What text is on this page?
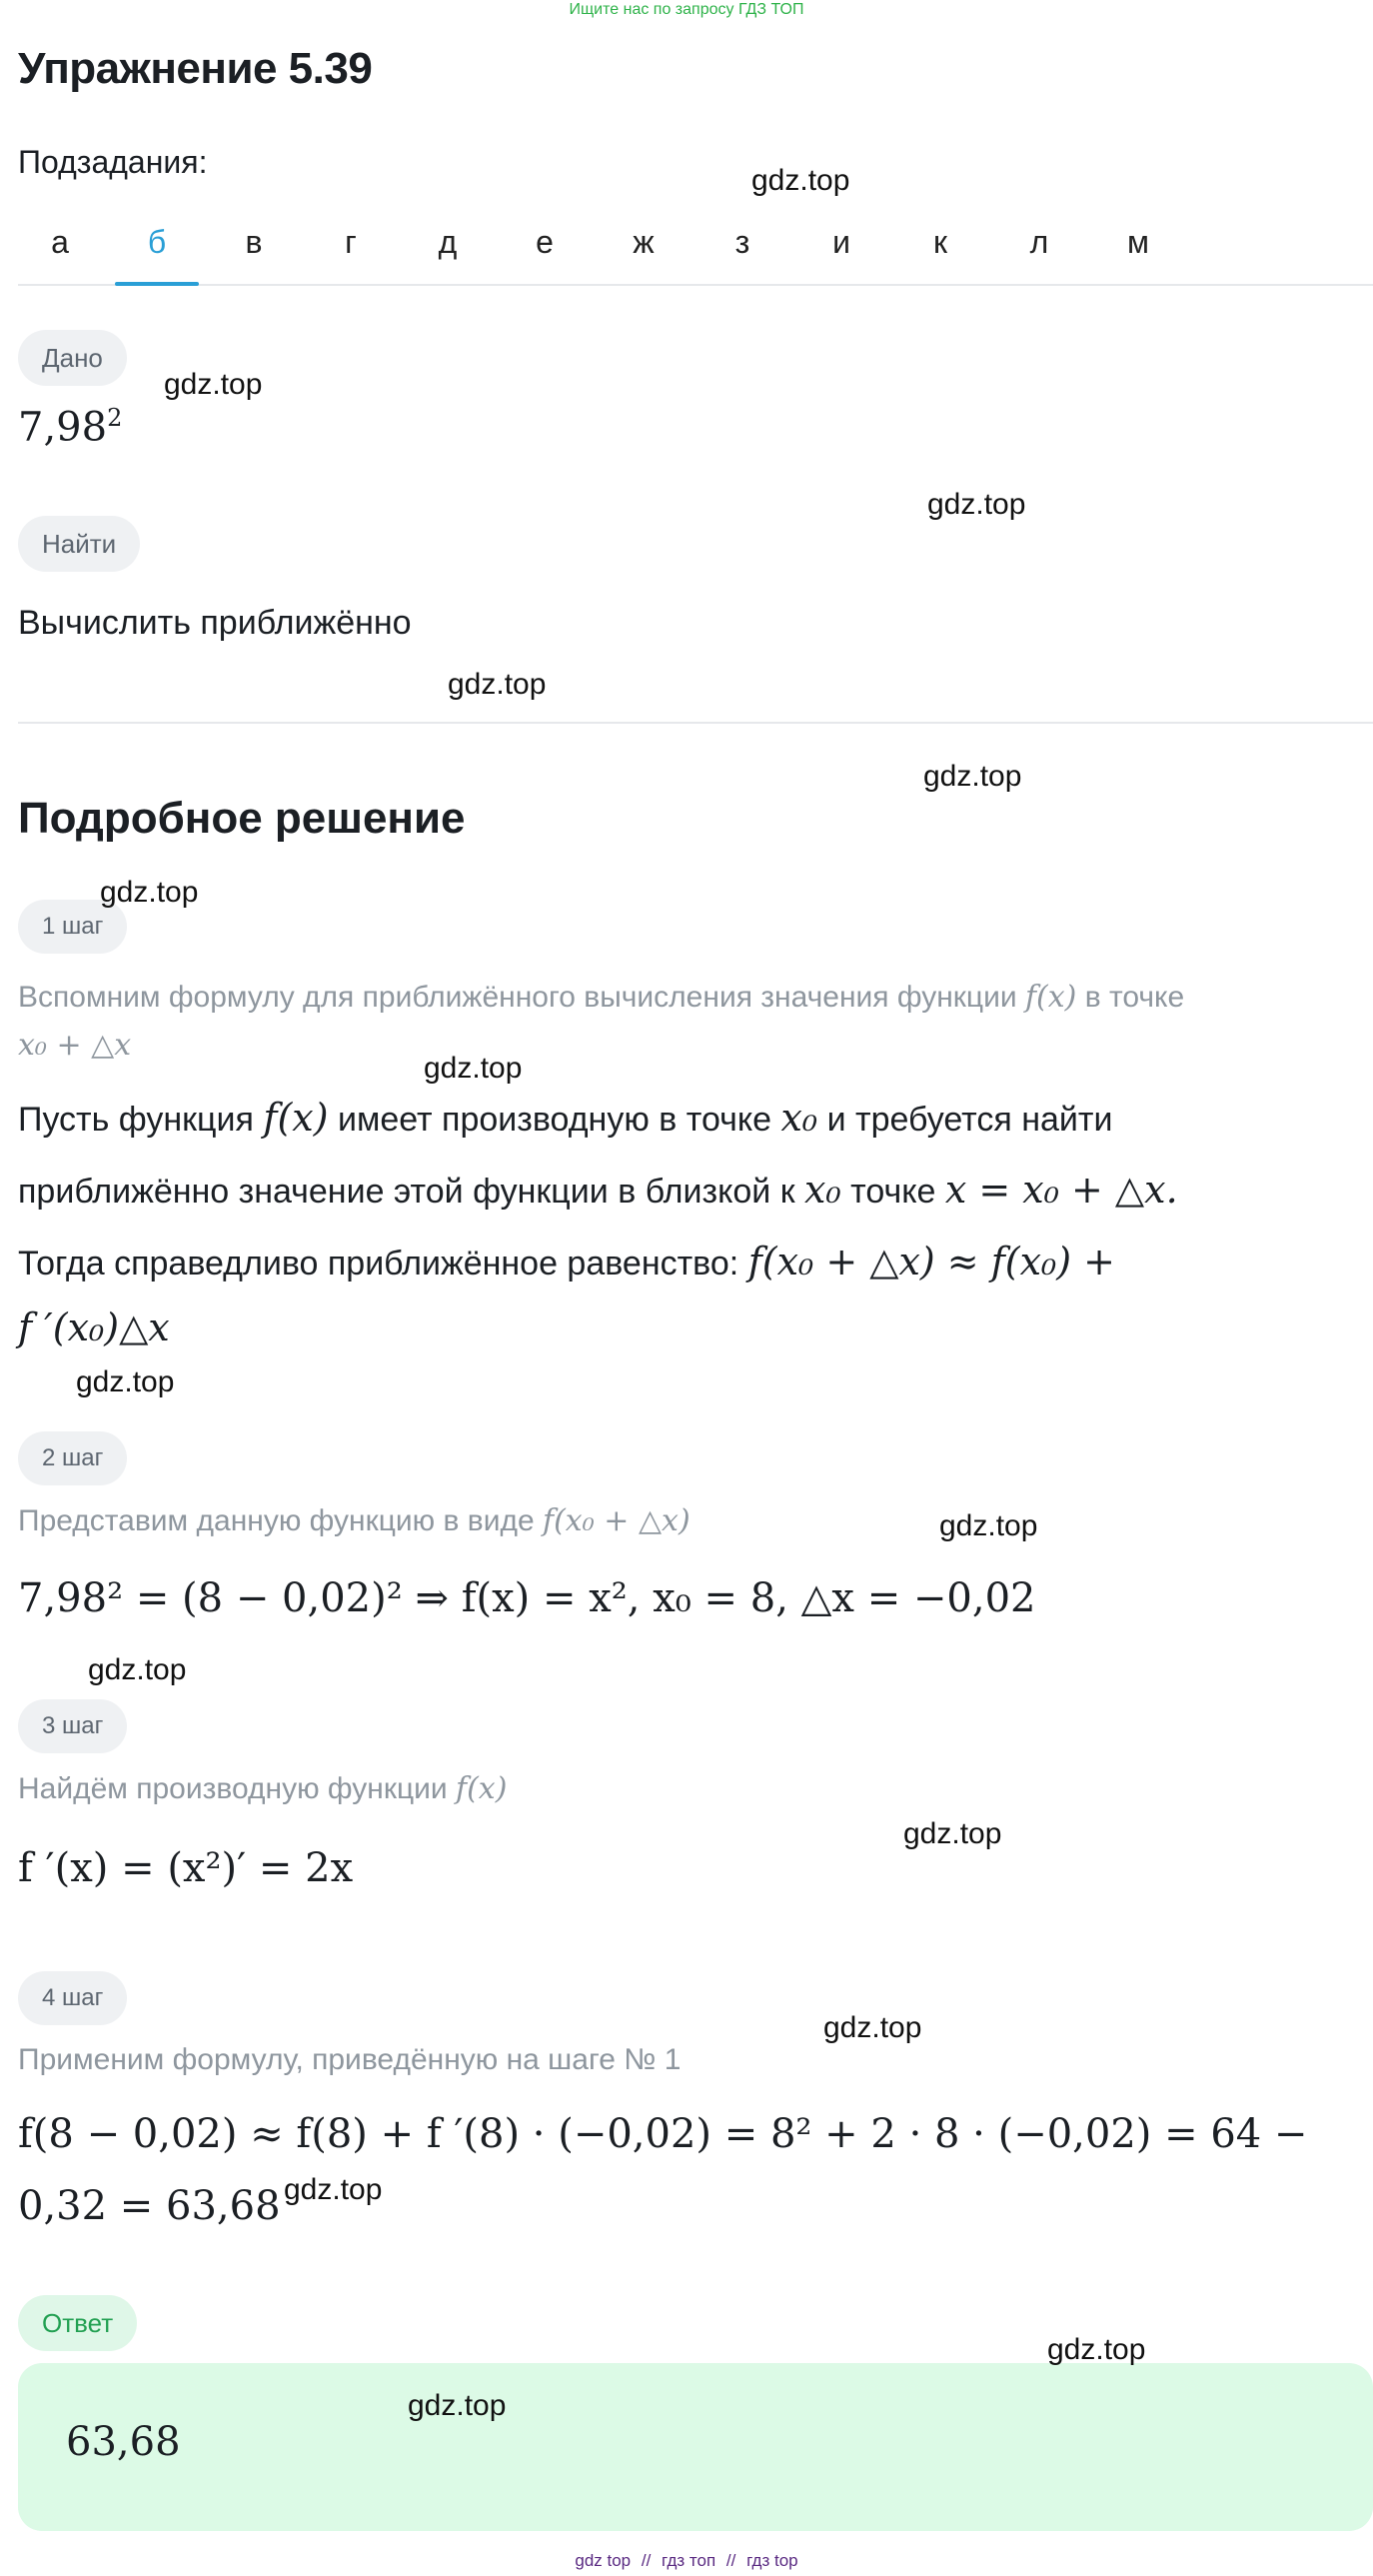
Ищите нас по запросу ГДЗ ТОП
Упражнение 5.39
Подзадания:
а	б	в	г	д	е	ж	з	и	к	л	м
Дано
7,98$^2$
Найти
Вычислить приближённо
Подробное решение
1 шаг
Вспомним формулу для приближённого вычисления значения функции f(x) в точке
x₀ + △x
Пусть функция f(x) имеет производную в точке x₀ и требуется найти
приближённо значение этой функции в близкой к x₀ точке x = x₀ + △x.
Тогда справедливо приближённое равенство: f(x₀ + △x) ≈ f(x₀) +
f ′(x₀)△x
2 шаг
Представим данную функцию в виде f(x₀ + △x)
7,98² = (8 − 0,02)² ⇒ f(x) = x², x₀ = 8, △x = −0,02
3 шаг
Найдём производную функции f(x)
f ′(x) = (x²)′ = 2x
4 шаг
Применим формулу, приведённую на шаге № 1
f(8 − 0,02) ≈ f(8) + f ′(8) · (−0,02) = 8² + 2 · 8 · (−0,02) = 64 −
0,32 = 63,68
Ответ
63,68
gdz.top
gdz.top
gdz.top
gdz.top
gdz.top
gdz.top
gdz.top
gdz.top
gdz.top
gdz.top
gdz.top
gdz.top
gdz.top
gdz.top
gdz.top
gdz top // гдз топ // гдз top
